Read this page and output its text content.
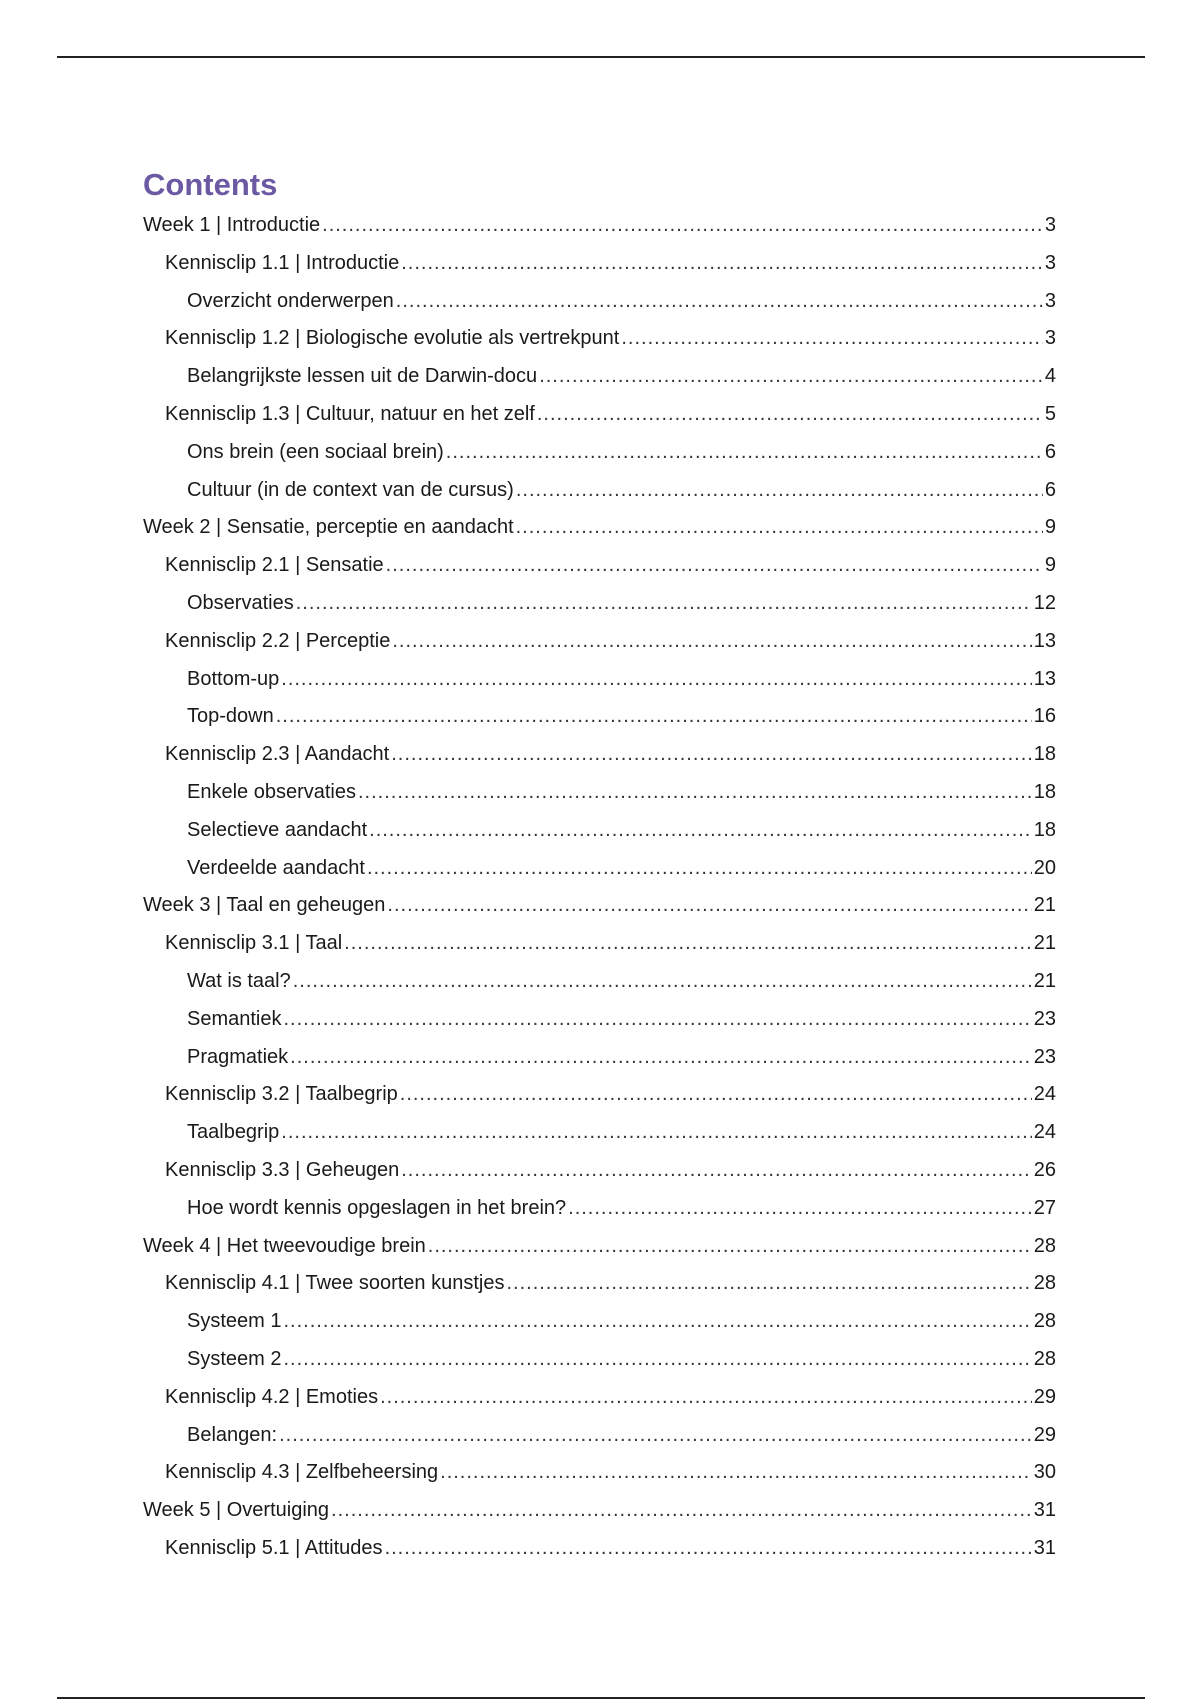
Contents
Week 1 | Introductie .....	3
Kennisclip 1.1 | Introductie .....	3
Overzicht onderwerpen .....	3
Kennisclip 1.2 | Biologische evolutie als vertrekpunt .....	3
Belangrijkste lessen uit de Darwin-docu .....	4
Kennisclip 1.3 | Cultuur, natuur en het zelf .....	5
Ons brein (een sociaal brein) .....	6
Cultuur (in de context van de cursus) .....	6
Week 2 | Sensatie, perceptie en aandacht .....	9
Kennisclip 2.1 | Sensatie .....	9
Observaties .....	12
Kennisclip 2.2 | Perceptie .....	13
Bottom-up .....	13
Top-down .....	16
Kennisclip 2.3 | Aandacht .....	18
Enkele observaties .....	18
Selectieve aandacht .....	18
Verdeelde aandacht .....	20
Week 3 | Taal en geheugen .....	21
Kennisclip 3.1 | Taal .....	21
Wat is taal? .....	21
Semantiek .....	23
Pragmatiek .....	23
Kennisclip 3.2 | Taalbegrip .....	24
Taalbegrip .....	24
Kennisclip 3.3 | Geheugen .....	26
Hoe wordt kennis opgeslagen in het brein? .....	27
Week 4 | Het tweevoudige brein .....	28
Kennisclip 4.1 | Twee soorten kunstjes .....	28
Systeem 1 .....	28
Systeem 2 .....	28
Kennisclip 4.2 | Emoties .....	29
Belangen: .....	29
Kennisclip 4.3 | Zelfbeheersing .....	30
Week 5 | Overtuiging .....	31
Kennisclip 5.1 | Attitudes .....	31
